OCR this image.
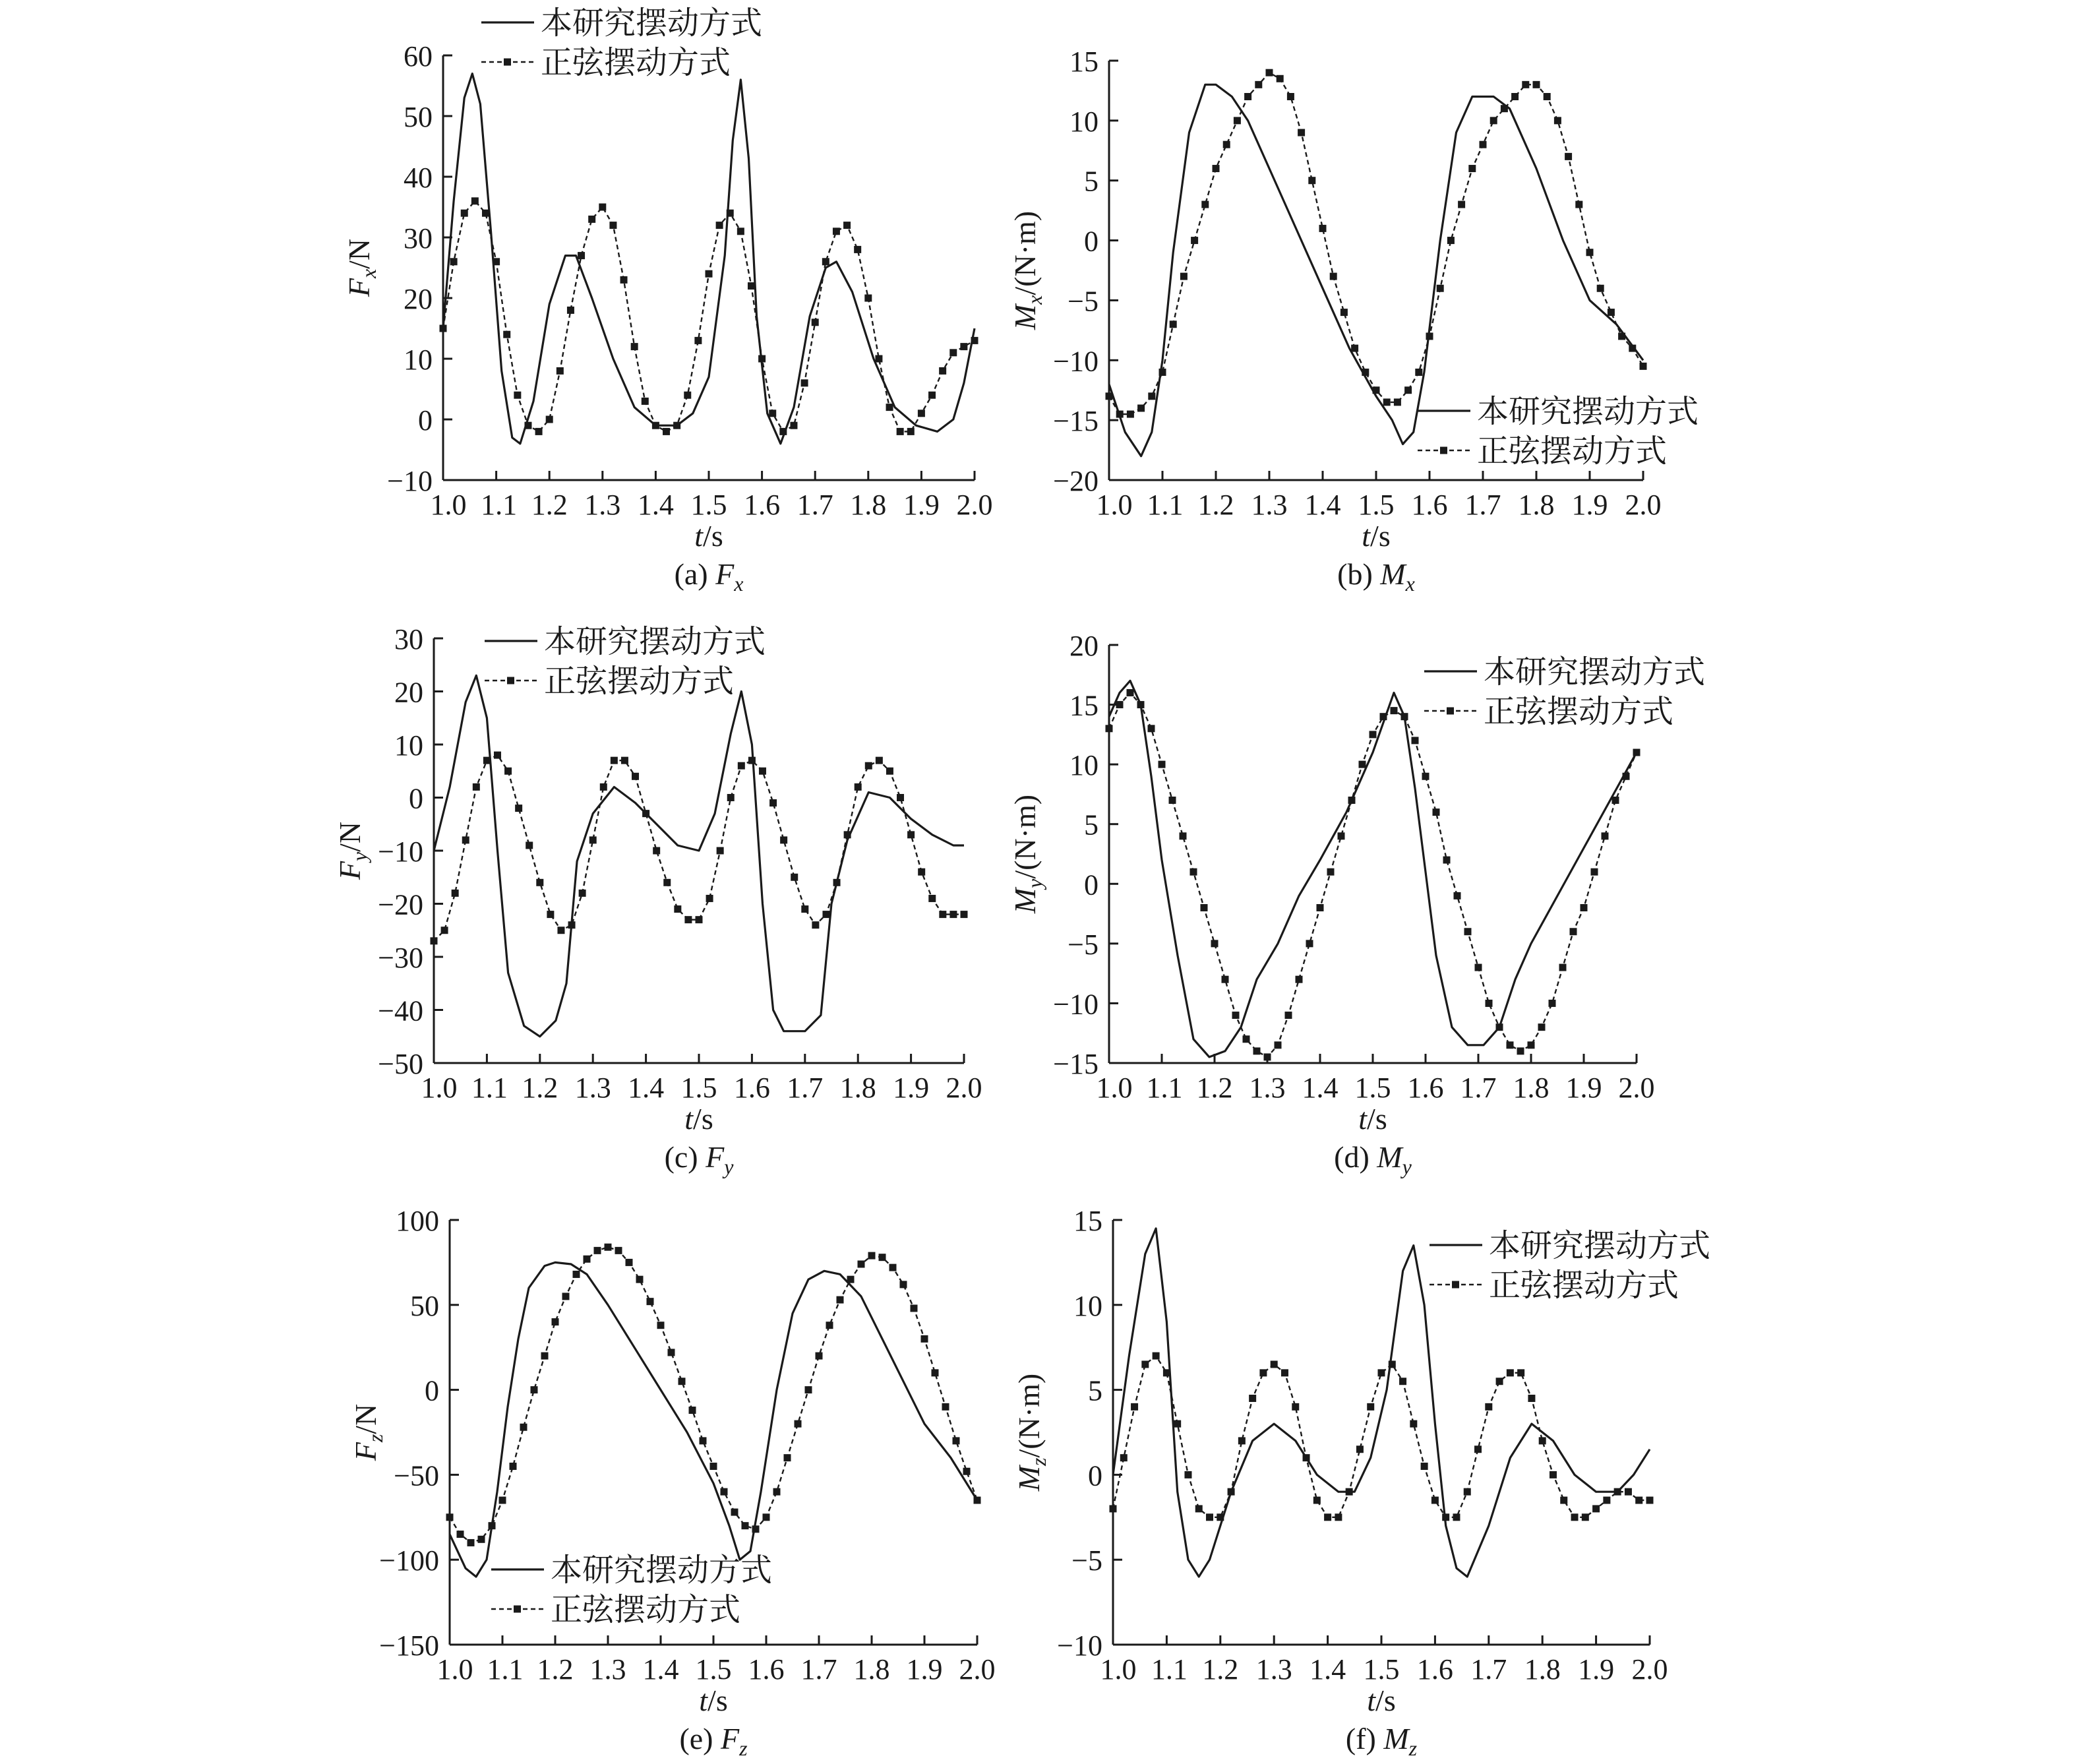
−10
0
10
20
30
40
50
60
1.0 1.1 1.2 1.3 1.4 1.5 1.6 1.7 1.8 1.9 2.0
t/s
(a) $F_x$
$F_x/N$
本研究摆动方式
正弦摆动方式
−20
−15
−10
−5
0
5
10
15
1.0 1.1 1.2 1.3 1.4 1.5 1.6 1.7 1.8 1.9 2.0
t/s
(b) $M_x$
$M_x/(N\cdot m)$
本研究摆动方式
正弦摆动方式
−50
−40
−30
−20
−10
0
10
20
30
1.0 1.1 1.2 1.3 1.4 1.5 1.6 1.7 1.8 1.9 2.0
t/s
(c) $F_y$
$F_y/N$
本研究摆动方式
正弦摆动方式
−15
−10
−5
0
5
10
15
20
1.0 1.1 1.2 1.3 1.4 1.5 1.6 1.7 1.8 1.9 2.0
t/s
(d) $M_y$
$M_y/(N\cdot m)$
本研究摆动方式
正弦摆动方式
−150
−100
−50
0
50
100
1.0 1.1 1.2 1.3 1.4 1.5 1.6 1.7 1.8 1.9 2.0
t/s
(e) $F_z$
$F_z/N$
本研究摆动方式
正弦摆动方式
−10
−5
0
5
10
15
1.0 1.1 1.2 1.3 1.4 1.5 1.6 1.7 1.8 1.9 2.0
t/s
(f) $M_z$
$M_z/(N\cdot m)$
本研究摆动方式
正弦摆动方式
